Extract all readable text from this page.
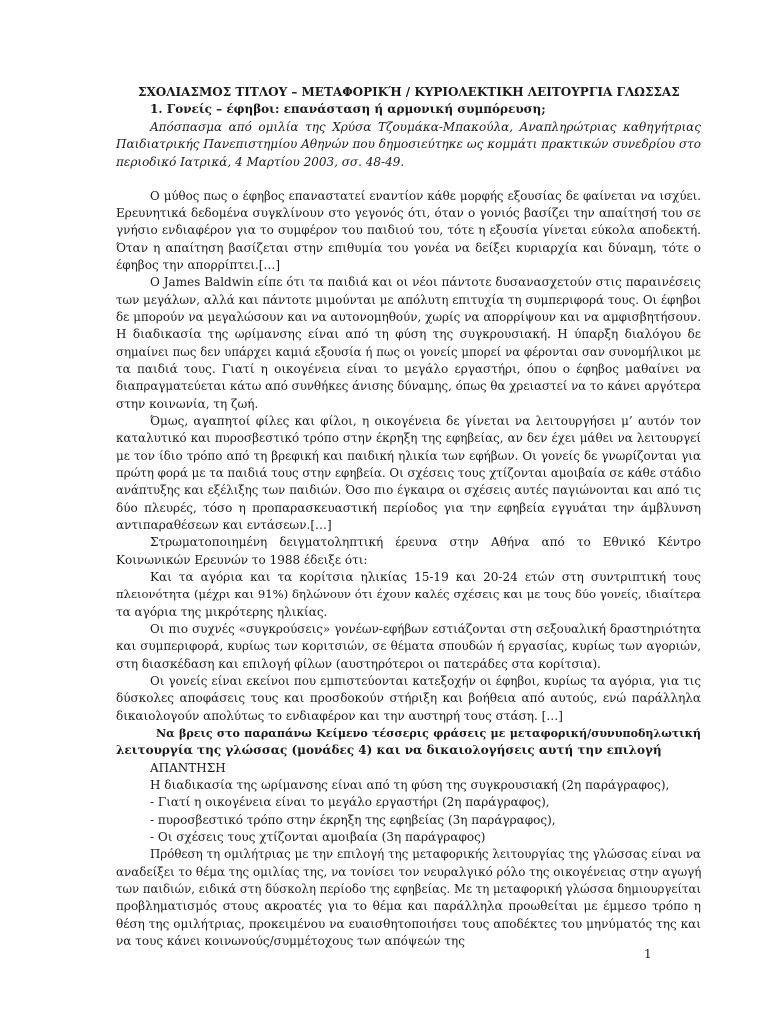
ΣΧΟΛΙΑΣΜΟΣ ΤΙΤΛΟΥ – ΜΕΤΑΦΟΡΙΚΉ / ΚΥΡΙΟΛΕΚΤΙΚΗ ΛΕΙΤΟΥΡΓΙΑ ΓΛΩΣΣΑΣ
1. Γονείς – έφηβοι: επανάσταση ή αρμονική συμπόρευση;
Απόσπασμα από ομιλία της Χρύσα Τζουμάκα-Μπακούλα, Αναπληρώτριας καθηγήτριας
Παιδιατρικής Πανεπιστημίου Αθηνών που δημοσιεύτηκε ως κομμάτι πρακτικών συνεδρίου στο
περιοδικό Ιατρικά, 4 Μαρτίου 2003, σσ. 48-49.
Ο μύθος πως ο έφηβος επαναστατεί εναντίον κάθε μορφής εξουσίας δε φαίνεται να ισχύει.
Ερευνητικά δεδομένα συγκλίνουν στο γεγονός ότι, όταν ο γονιός βασίζει την απαίτησή του σε
γνήσιο ενδιαφέρον για το συμφέρον του παιδιού του, τότε η εξουσία γίνεται εύκολα αποδεκτή.
Όταν η απαίτηση βασίζεται στην επιθυμία του γονέα να δείξει κυριαρχία και δύναμη, τότε ο
έφηβος την απορρίπτει.[…]
Ο James Baldwin είπε ότι τα παιδιά και οι νέοι πάντοτε δυσανασχετούν στις παραινέσεις
των μεγάλων, αλλά και πάντοτε μιμούνται με απόλυτη επιτυχία τη συμπεριφορά τους. Οι έφηβοι
δε μπορούν να μεγαλώσουν και να αυτονομηθούν, χωρίς να απορρίψουν και να αμφισβητήσουν.
Η διαδικασία της ωρίμανσης είναι από τη φύση της συγκρουσιακή. Η ύπαρξη διαλόγου δε
σημαίνει πως δεν υπάρχει καμιά εξουσία ή πως οι γονείς μπορεί να φέρονται σαν συνομήλικοι με
τα παιδιά τους. Γιατί η οικογένεια είναι το μεγάλο εργαστήρι, όπου ο έφηβος μαθαίνει να
διαπραγματεύεται κάτω από συνθήκες άνισης δύναμης, όπως θα χρειαστεί να το κάνει αργότερα
στην κοινωνία, τη ζωή.
Όμως, αγαπητοί φίλες και φίλοι, η οικογένεια δε γίνεται να λειτουργήσει μ’ αυτόν τον
καταλυτικό και πυροσβεστικό τρόπο στην έκρηξη της εφηβείας, αν δεν έχει μάθει να λειτουργεί
με τον ίδιο τρόπο από τη βρεφική και παιδική ηλικία των εφήβων. Οι γονείς δε γνωρίζονται για
πρώτη φορά με τα παιδιά τους στην εφηβεία. Οι σχέσεις τους χτίζονται αμοιβαία σε κάθε στάδιο
ανάπτυξης και εξέλιξης των παιδιών. Όσο πιο έγκαιρα οι σχέσεις αυτές παγιώνονται και από τις
δύο πλευρές, τόσο η προπαρασκευαστική περίοδος για την εφηβεία εγγυάται την άμβλυνση
αντιπαραθέσεων και εντάσεων.[…]
Στρωματοποιημένη δειγματοληπτική έρευνα στην Αθήνα από το Εθνικό Κέντρο
Κοινωνικών Ερευνών το 1988 έδειξε ότι:
Και τα αγόρια και τα κορίτσια ηλικίας 15-19 και 20-24 ετών στη συντριπτική τους
πλειονότητα (μέχρι και 91%) δηλώνουν ότι έχουν καλές σχέσεις και με τους δύο γονείς, ιδιαίτερα
τα αγόρια της μικρότερης ηλικίας.
Οι πιο συχνές «συγκρούσεις» γονέων-εφήβων εστιάζονται στη σεξουαλική δραστηριότητα
και συμπεριφορά, κυρίως των κοριτσιών, σε θέματα σπουδών ή εργασίας, κυρίως των αγοριών,
στη διασκέδαση και επιλογή φίλων (αυστηρότεροι οι πατεράδες στα κορίτσια).
Οι γονείς είναι εκείνοι που εμπιστεύονται κατεξοχήν οι έφηβοι, κυρίως τα αγόρια, για τις
δύσκολες αποφάσεις τους και προσδοκούν στήριξη και βοήθεια από αυτούς, ενώ παράλληλα
δικαιολογούν απολύτως το ενδιαφέρον και την αυστηρή τους στάση. […]
Να βρεις στο παραπάνω Κείμενο τέσσερις φράσεις με μεταφορική/συνυποδηλωτική
λειτουργία της γλώσσας (μονάδες 4) και να δικαιολογήσεις αυτή την επιλογή
ΑΠΑΝΤΗΣΗ
Η διαδικασία της ωρίμανσης είναι από τη φύση της συγκρουσιακή (2η παράγραφος),
- Γιατί η οικογένεια είναι το μεγάλο εργαστήρι (2η παράγραφος),
- πυροσβεστικό τρόπο στην έκρηξη της εφηβείας (3η παράγραφος),
- Οι σχέσεις τους χτίζονται αμοιβαία (3η παράγραφος)
Πρόθεση τη ομιλήτριας με την επιλογή της μεταφορικής λειτουργίας της γλώσσας είναι να
αναδείξει το θέμα της ομιλίας της, να τονίσει τον νευραλγικό ρόλο της οικογένειας στην αγωγή
των παιδιών, ειδικά στη δύσκολη περίοδο της εφηβείας. Με τη μεταφορική γλώσσα δημιουργείται
προβληματισμός στους ακροατές για το θέμα και παράλληλα προωθείται με έμμεσο τρόπο η
θέση της ομιλήτριας, προκειμένου να ευαισθητοποιήσει τους αποδέκτες του μηνύματός της και
να τους κάνει κοινωνούς/συμμέτοχους των απόψεών της
1
